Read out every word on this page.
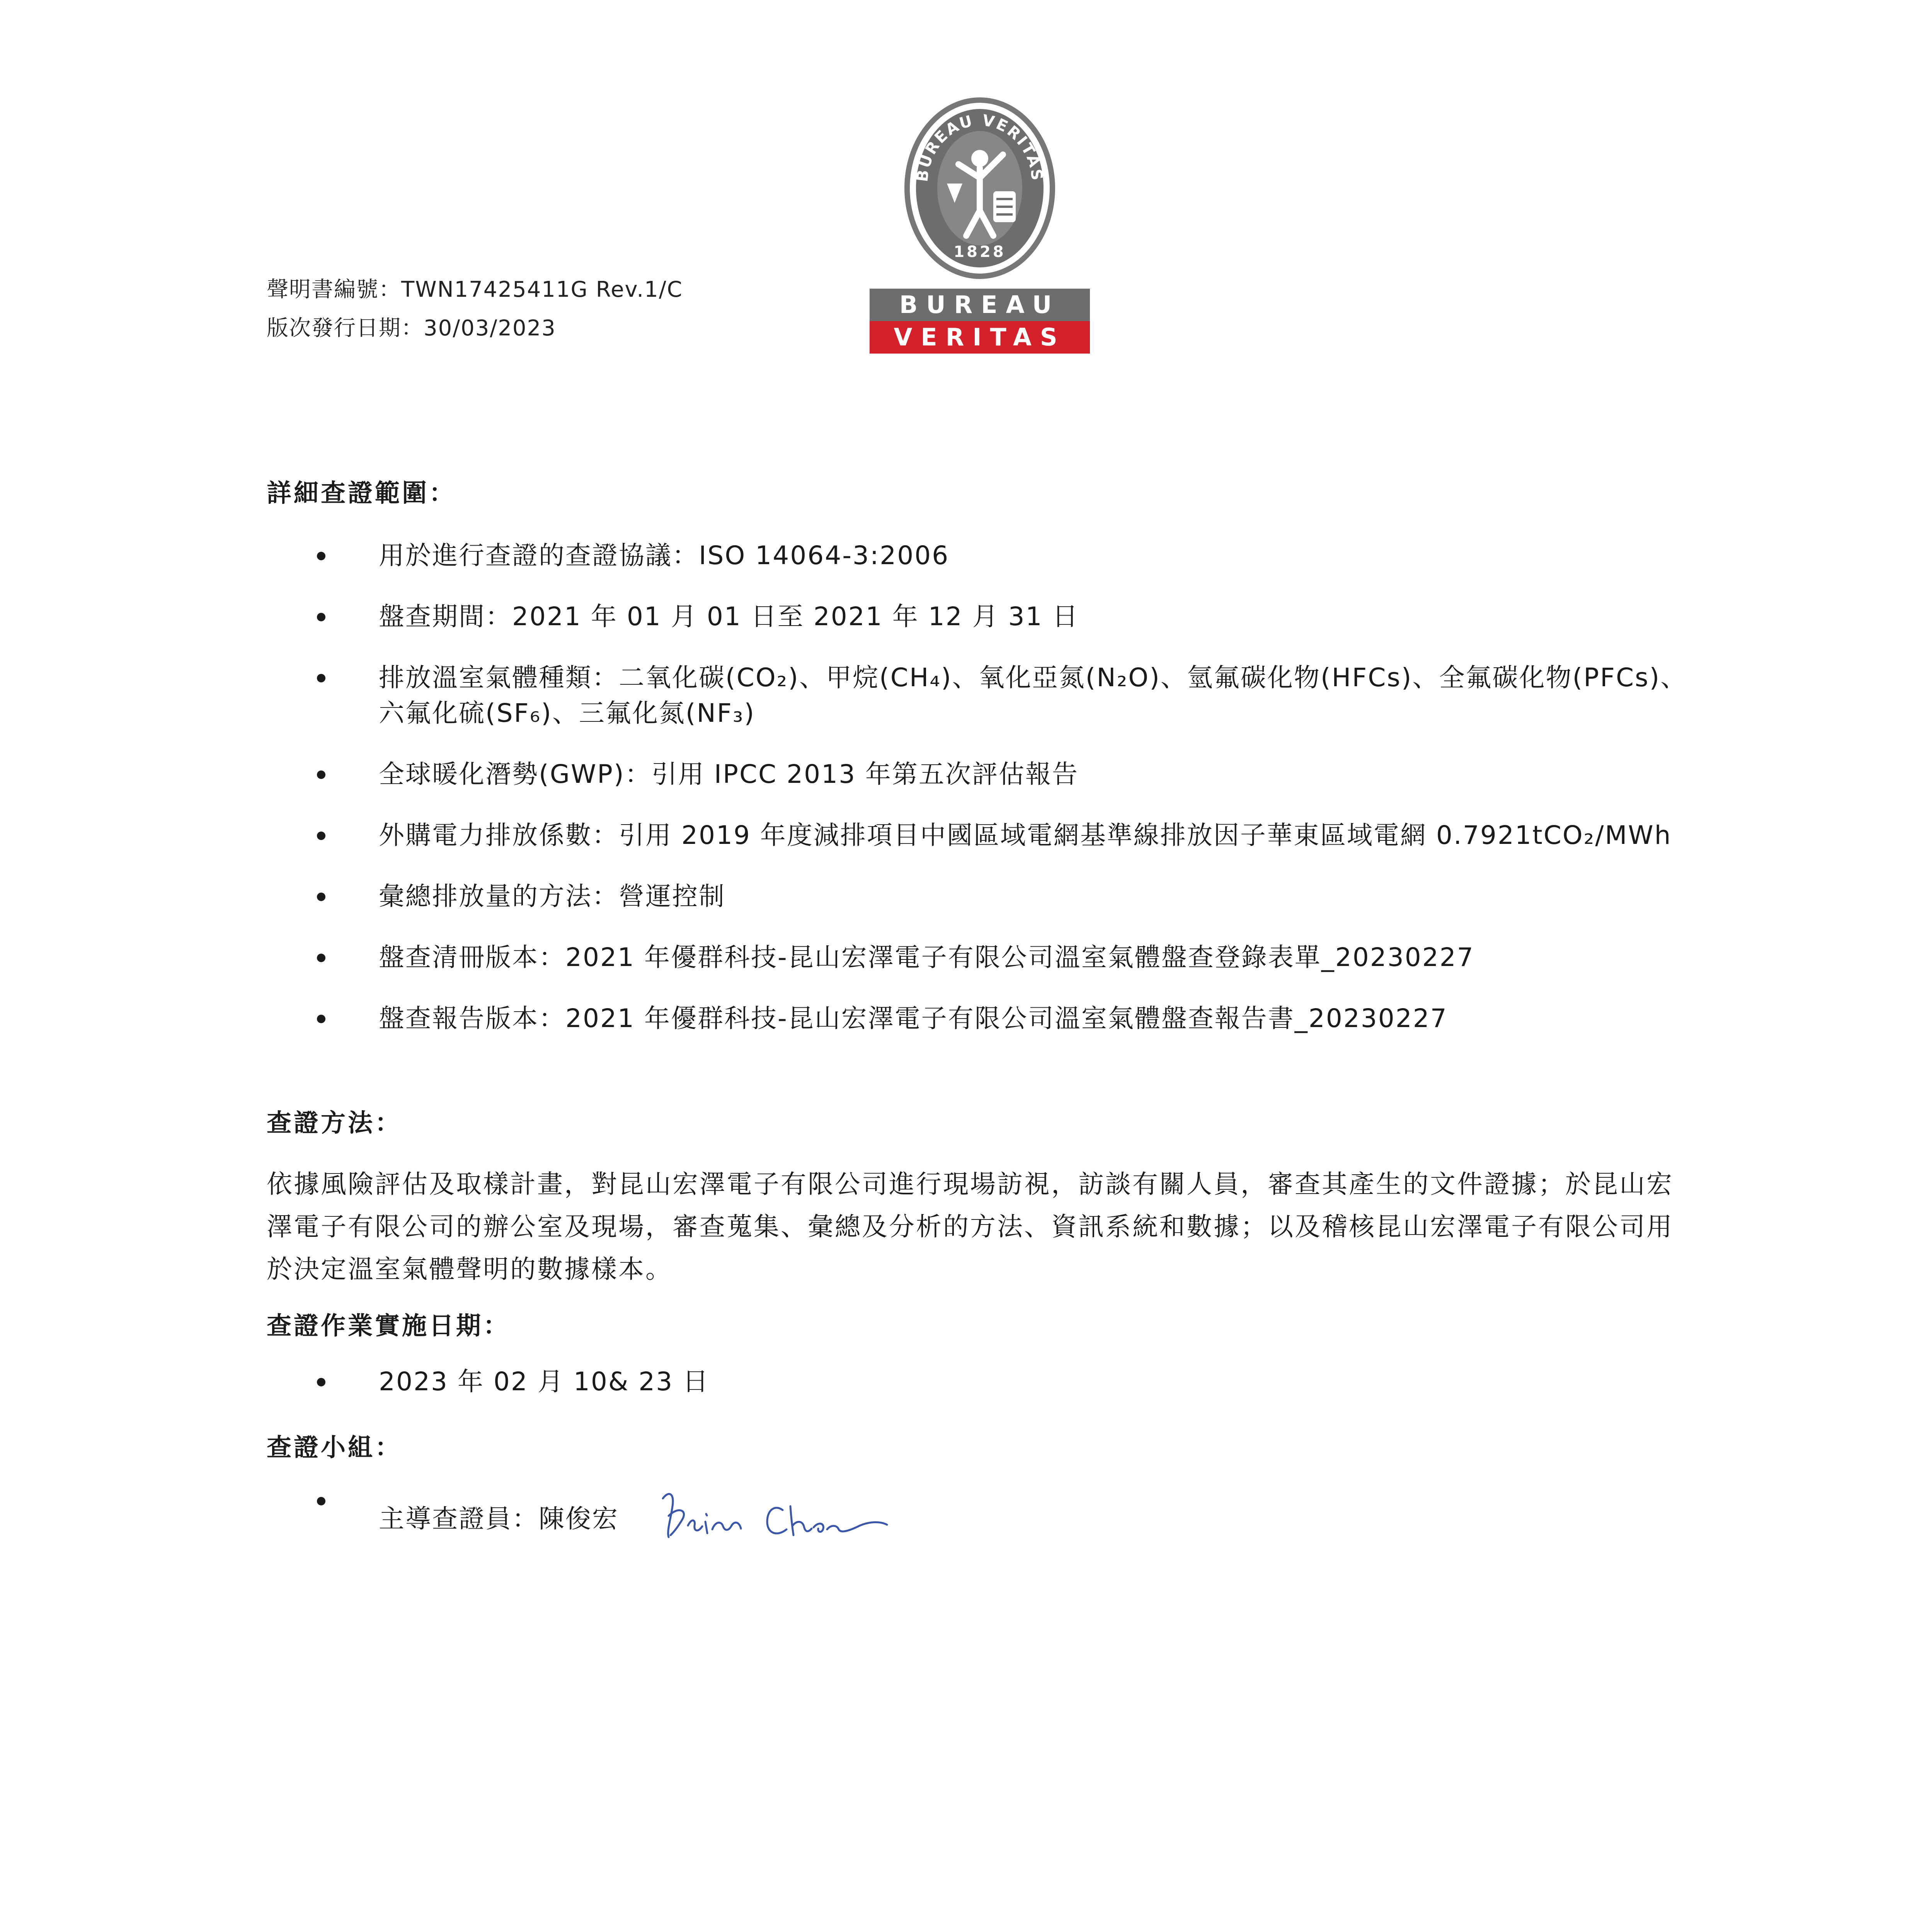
聲明書編號：TWN17425411G Rev.1/C
版次發行日期：30/03/2023
BUREAU VERITAS
1828
BUREAU
VERITAS
詳細查證範圍：
用於進行查證的查證協議：ISO 14064-3:2006
盤查期間：2021 年 01 月 01 日至 2021 年 12 月 31 日
排放溫室氣體種類：二氧化碳(CO₂)、甲烷(CH₄)、氧化亞氮(N₂O)、氫氟碳化物(HFCs)、全氟碳化物(PFCs)、六氟化硫(SF₆)、三氟化氮(NF₃)
全球暖化潛勢(GWP)：引用 IPCC 2013 年第五次評估報告
外購電力排放係數：引用 2019 年度減排項目中國區域電網基準線排放因子華東區域電網 0.7921tCO₂/MWh
彙總排放量的方法：營運控制
盤查清冊版本：2021 年優群科技-昆山宏澤電子有限公司溫室氣體盤查登錄表單_20230227
盤查報告版本：2021 年優群科技-昆山宏澤電子有限公司溫室氣體盤查報告書_20230227
查證方法：

依據風險評估及取樣計畫，對昆山宏澤電子有限公司進行現場訪視，訪談有關人員，審查其產生的文件證據；於昆山宏澤電子有限公司的辦公室及現場，審查蒐集、彙總及分析的方法、資訊系統和數據；以及稽核昆山宏澤電子有限公司用於決定溫室氣體聲明的數據樣本。

查證作業實施日期：
2023 年 02 月 10& 23 日
查證小組：
主導查證員：陳俊宏
